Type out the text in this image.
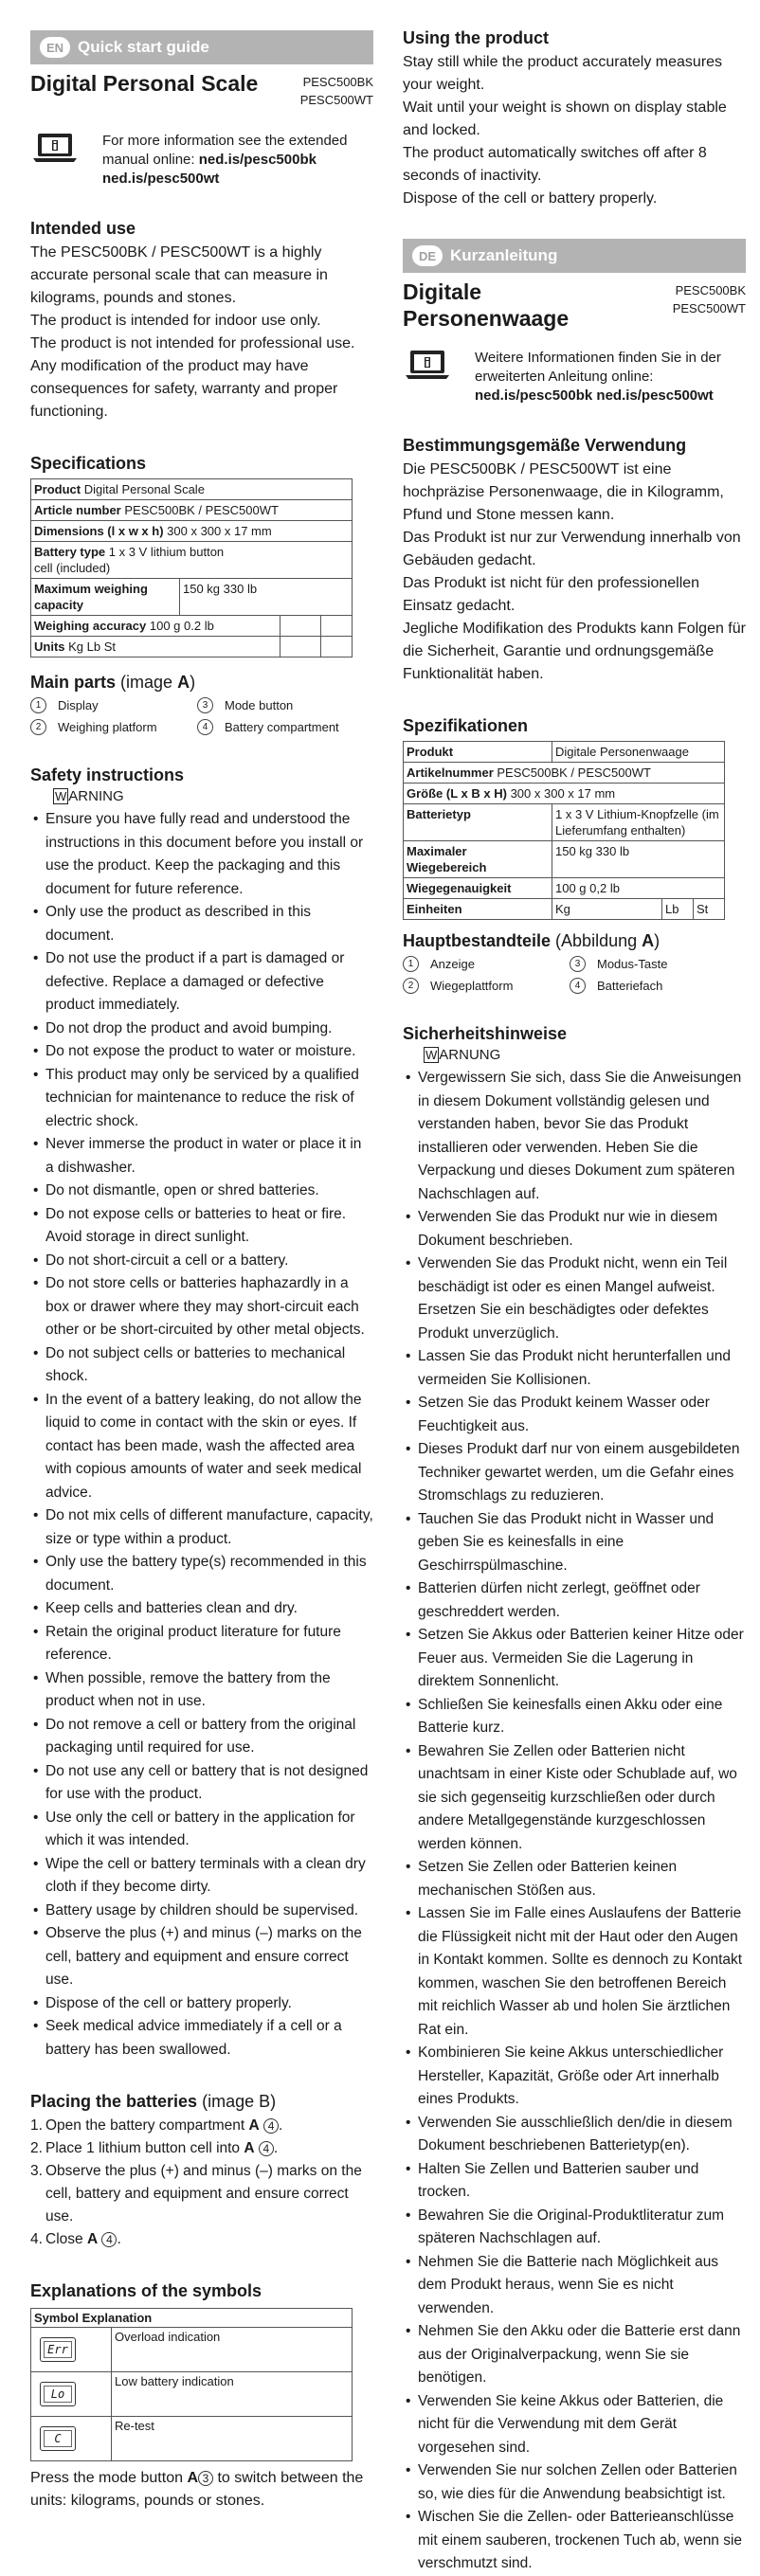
EN Quick start guide
Digital Personal Scale	PESC500BK
PESC500WT
For more information see the extended manual online: ned.is/pesc500bk ned.is/pesc500wt
Intended use

The PESC500BK / PESC500WT is a highly accurate personal scale that can measure in kilograms, pounds and stones.

The product is intended for indoor use only.

The product is not intended for professional use.

Any modification of the product may have consequences for safety, warranty and proper functioning.

Specifications
Product Digital Personal Scale			
Article number PESC500BK / PESC500WT			
Dimensions (l x w x h) 300 x 300 x 17 mm			
Battery type 1 x 3 V lithium button cell (included)			
Maximum weighing capacity	150 kg 330 lb		
Weighing accuracy 100 g 0.2 lb			
Units Kg Lb St			
Main parts (image A)
1	Display	3	Mode button
2	Weighing platform	4	Battery compartment
Safety instructions
W ARNING
• Ensure you have fully read and understood the instructions in this document before you install or use the product. Keep the packaging and this document for future reference.
• Only use the product as described in this document.
• Do not use the product if a part is damaged or defective. Replace a damaged or defective product immediately.
• Do not drop the product and avoid bumping.
• Do not expose the product to water or moisture.
• This product may only be serviced by a qualified technician for maintenance to reduce the risk of electric shock.
• Never immerse the product in water or place it in a dishwasher.
• Do not dismantle, open or shred batteries.
• Do not expose cells or batteries to heat or fire. Avoid storage in direct sunlight.
• Do not short-circuit a cell or a battery.
• Do not store cells or batteries haphazardly in a box or drawer where they may short-circuit each other or be short-circuited by other metal objects.
• Do not subject cells or batteries to mechanical shock.
• In the event of a battery leaking, do not allow the liquid to come in contact with the skin or eyes. If contact has been made, wash the affected area with copious amounts of water and seek medical advice.
• Do not mix cells of different manufacture, capacity, size or type within a product.
• Only use the battery type(s) recommended in this document.
• Keep cells and batteries clean and dry.
• Retain the original product literature for future reference.
• When possible, remove the battery from the product when not in use.
• Do not remove a cell or battery from the original packaging until required for use.
• Do not use any cell or battery that is not designed for use with the product.
• Use only the cell or battery in the application for which it was intended.
• Wipe the cell or battery terminals with a clean dry cloth if they become dirty.
• Battery usage by children should be supervised.
• Observe the plus (+) and minus (–) marks on the cell, battery and equipment and ensure correct use.
• Dispose of the cell or battery properly.
• Seek medical advice immediately if a cell or a battery has been swallowed.
Placing the batteries (image B)
1. Open the battery compartment A 4 .
2. Place 1 lithium button cell into A 4 .
3. Observe the plus (+) and minus (–) marks on the cell, battery and equipment and ensure correct use.
4. Close A 4 .
Explanations of the symbols
Symbol Explanation	

Err	Overload indication

Lo	Low battery indication

C	Re-test

Press the mode button A 3 to switch between the units: kilograms, pounds or stones.

Using the product

Stay still while the product accurately measures your weight.

Wait until your weight is shown on display stable and locked.

The product automatically switches off after 8 seconds of inactivity.

Dispose of the cell or battery properly.

DE Kurzanleitung
Digitale
Personenwaage
PESC500BK
PESC500WT
Weitere Informationen finden Sie in der erweiterten Anleitung online: ned.is/pesc500bk ned.is/pesc500wt
Bestimmungsgemäße Verwendung

Die PESC500BK / PESC500WT ist eine hochpräzise Personenwaage, die in Kilogramm, Pfund und Stone messen kann.

Das Produkt ist nur zur Verwendung innerhalb von Gebäuden gedacht.

Das Produkt ist nicht für den professionellen Einsatz gedacht.

Jegliche Modifikation des Produkts kann Folgen für die Sicherheit, Garantie und ordnungsgemäße Funktionalität haben.

Spezifikationen
Produkt	Digitale Personenwaage		
Artikelnummer PESC500BK / PESC500WT			
Größe (L x B x H) 300 x 300 x 17 mm			
Batterietyp	1 x 3 V Lithium-Knopfzelle (im Lieferumfang enthalten)		
Maximaler Wiegebereich	150 kg 330 lb		
Wiegegenauigkeit	100 g 0,2 lb		
Einheiten	Kg	Lb	St
Hauptbestandteile (Abbildung A)
1	Anzeige	3	Modus-Taste
2	Wiegeplattform	4	Batteriefach
Sicherheitshinweise
W ARNUNG
• Vergewissern Sie sich, dass Sie die Anweisungen in diesem Dokument vollständig gelesen und verstanden haben, bevor Sie das Produkt installieren oder verwenden. Heben Sie die Verpackung und dieses Dokument zum späteren Nachschlagen auf.
• Verwenden Sie das Produkt nur wie in diesem Dokument beschrieben.
• Verwenden Sie das Produkt nicht, wenn ein Teil beschädigt ist oder es einen Mangel aufweist. Ersetzen Sie ein beschädigtes oder defektes Produkt unverzüglich.
• Lassen Sie das Produkt nicht herunterfallen und vermeiden Sie Kollisionen.
• Setzen Sie das Produkt keinem Wasser oder Feuchtigkeit aus.
• Dieses Produkt darf nur von einem ausgebildeten Techniker gewartet werden, um die Gefahr eines Stromschlags zu reduzieren.
• Tauchen Sie das Produkt nicht in Wasser und geben Sie es keinesfalls in eine Geschirrspülmaschine.
• Batterien dürfen nicht zerlegt, geöffnet oder geschreddert werden.
• Setzen Sie Akkus oder Batterien keiner Hitze oder Feuer aus. Vermeiden Sie die Lagerung in direktem Sonnenlicht.
• Schließen Sie keinesfalls einen Akku oder eine Batterie kurz.
• Bewahren Sie Zellen oder Batterien nicht unachtsam in einer Kiste oder Schublade auf, wo sie sich gegenseitig kurzschließen oder durch andere Metallgegenstände kurzgeschlossen werden können.
• Setzen Sie Zellen oder Batterien keinen mechanischen Stößen aus.
• Lassen Sie im Falle eines Auslaufens der Batterie die Flüssigkeit nicht mit der Haut oder den Augen in Kontakt kommen. Sollte es dennoch zu Kontakt kommen, waschen Sie den betroffenen Bereich mit reichlich Wasser ab und holen Sie ärztlichen Rat ein.
• Kombinieren Sie keine Akkus unterschiedlicher Hersteller, Kapazität, Größe oder Art innerhalb eines Produkts.
• Verwenden Sie ausschließlich den/die in diesem Dokument beschriebenen Batterietyp(en).
• Halten Sie Zellen und Batterien sauber und trocken.
• Bewahren Sie die Original-Produktliteratur zum späteren Nachschlagen auf.
• Nehmen Sie die Batterie nach Möglichkeit aus dem Produkt heraus, wenn Sie es nicht verwenden.
• Nehmen Sie den Akku oder die Batterie erst dann aus der Originalverpackung, wenn Sie sie benötigen.
• Verwenden Sie keine Akkus oder Batterien, die nicht für die Verwendung mit dem Gerät vorgesehen sind.
• Verwenden Sie nur solchen Zellen oder Batterien so, wie dies für die Anwendung beabsichtigt ist.
• Wischen Sie die Zellen- oder Batterieanschlüsse mit einem sauberen, trockenen Tuch ab, wenn sie verschmutzt sind.
